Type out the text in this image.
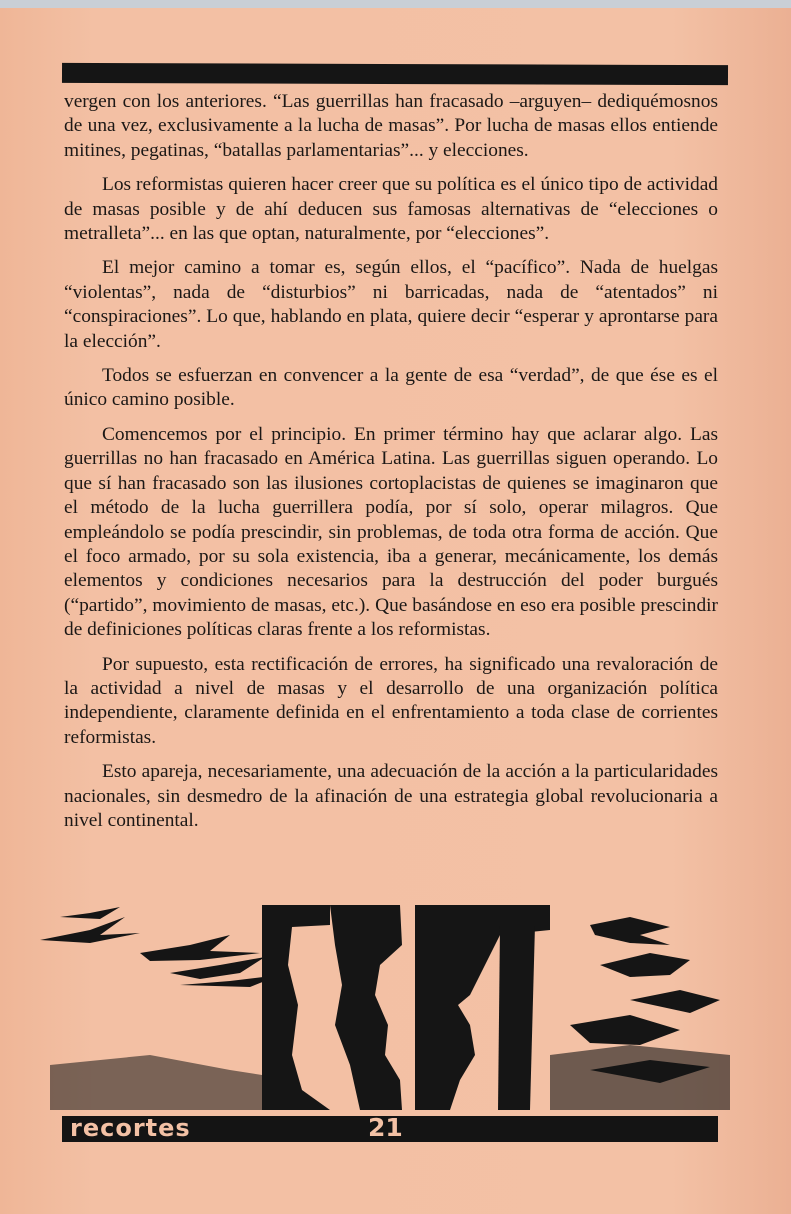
vergen con los anteriores. “Las guerrillas han fracasado –arguyen– dediquémosnos de una vez, exclusivamente a la lucha de masas”. Por lucha de masas ellos entiende mitines, pegatinas, “batallas parlamentarias”... y elecciones.

Los reformistas quieren hacer creer que su política es el único tipo de actividad de masas posible y de ahí deducen sus famosas alternativas de “elecciones o metralleta”... en las que optan, naturalmente, por “elecciones”.

El mejor camino a tomar es, según ellos, el “pacífico”. Nada de huelgas “violentas”, nada de “disturbios” ni barricadas, nada de “atentados” ni “conspiraciones”. Lo que, hablando en plata, quiere decir “esperar y aprontarse para la elección”.

Todos se esfuerzan en convencer a la gente de esa “verdad”, de que ése es el único camino posible.

Comencemos por el principio. En primer término hay que aclarar algo. Las guerrillas no han fracasado en América Latina. Las guerrillas siguen operando. Lo que sí han fracasado son las ilusiones cortoplacistas de quienes se imaginaron que el método de la lucha guerrillera podía, por sí solo, operar milagros. Que empleándolo se podía prescindir, sin problemas, de toda otra forma de acción. Que el foco armado, por su sola existencia, iba a generar, mecánicamente, los demás elementos y condiciones necesarios para la destrucción del poder burgués (“partido”, movimiento de masas, etc.). Que basándose en eso era posible prescindir de definiciones políticas claras frente a los reformistas.

Por supuesto, esta rectificación de errores, ha significado una revaloración de la actividad a nivel de masas y el desarrollo de una organización política independiente, claramente definida en el enfrentamiento a toda clase de corrientes reformistas.

Esto apareja, necesariamente, una adecuación de la acción a la particularidades nacionales, sin desmedro de la afinación de una estrategia global revolucionaria a nivel continental.

recortes	21
